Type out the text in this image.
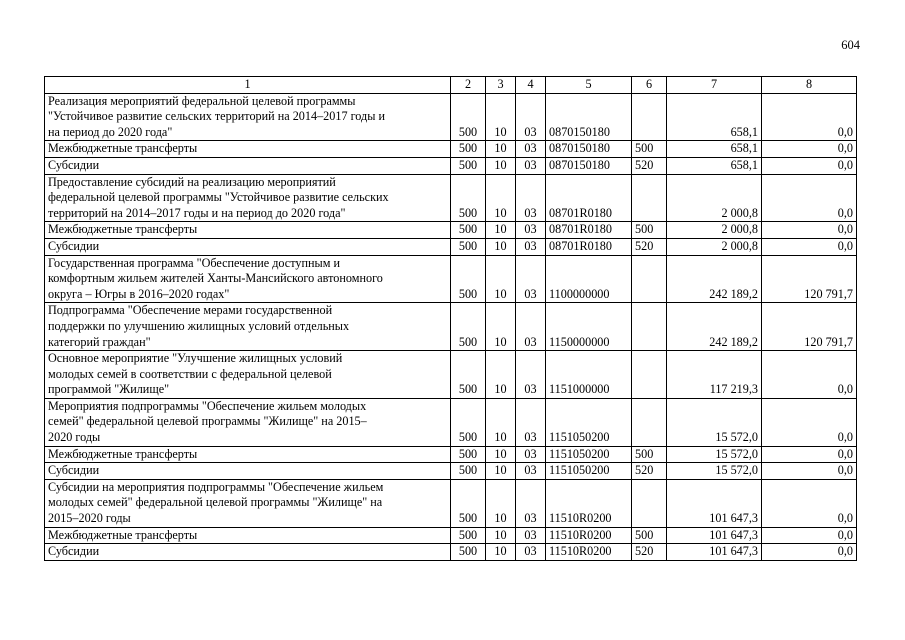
604
1	2	3	4	5	6	7	8
Реализация мероприятий федеральной целевой программы
"Устойчивое развитие сельских территорий на 2014–2017 годы и
на период до 2020 года"	500	10	03	0870150180		658,1	0,0
Межбюджетные трансферты	500	10	03	0870150180	500	658,1	0,0
Субсидии	500	10	03	0870150180	520	658,1	0,0
Предоставление субсидий на реализацию мероприятий
федеральной целевой программы "Устойчивое развитие сельских
территорий на 2014–2017 годы и на период до 2020 года"	500	10	03	08701R0180		2 000,8	0,0
Межбюджетные трансферты	500	10	03	08701R0180	500	2 000,8	0,0
Субсидии	500	10	03	08701R0180	520	2 000,8	0,0
Государственная программа "Обеспечение доступным и
комфортным жильем жителей Ханты-Мансийского автономного
округа – Югры в 2016–2020 годах"	500	10	03	1100000000		242 189,2	120 791,7
Подпрограмма "Обеспечение мерами государственной
поддержки по улучшению жилищных условий отдельных
категорий граждан"	500	10	03	1150000000		242 189,2	120 791,7
Основное мероприятие "Улучшение жилищных условий
молодых семей в соответствии с федеральной целевой
программой "Жилище"	500	10	03	1151000000		117 219,3	0,0
Мероприятия подпрограммы "Обеспечение жильем молодых
семей" федеральной целевой программы "Жилище" на 2015–
2020 годы	500	10	03	1151050200		15 572,0	0,0
Межбюджетные трансферты	500	10	03	1151050200	500	15 572,0	0,0
Субсидии	500	10	03	1151050200	520	15 572,0	0,0
Субсидии на мероприятия подпрограммы "Обеспечение жильем
молодых семей" федеральной целевой программы "Жилище" на
2015–2020 годы	500	10	03	11510R0200		101 647,3	0,0
Межбюджетные трансферты	500	10	03	11510R0200	500	101 647,3	0,0
Субсидии	500	10	03	11510R0200	520	101 647,3	0,0
